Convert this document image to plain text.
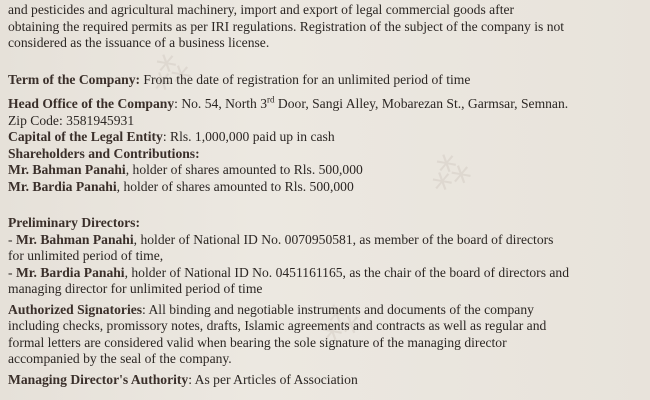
⁂
⁂
⁂

and pesticides and agricultural machinery, import and export of legal commercial goods after

obtaining the required permits as per IRI regulations. Registration of the subject of the company is not

considered as the issuance of a business license.

Term of the Company: From the date of registration for an unlimited period of time

Head Office of the Company: No. 54, North 3rd Door, Sangi Alley, Mobarezan St., Garmsar, Semnan.

Zip Code: 3581945931

Capital of the Legal Entity: Rls. 1,000,000 paid up in cash

Shareholders and Contributions:

Mr. Bahman Panahi, holder of shares amounted to Rls. 500,000

Mr. Bardia Panahi, holder of shares amounted to Rls. 500,000

Preliminary Directors:

- Mr. Bahman Panahi, holder of National ID No. 0070950581, as member of the board of directors

for unlimited period of time,

- Mr. Bardia Panahi, holder of National ID No. 0451161165, as the chair of the board of directors and

managing director for unlimited period of time

Authorized Signatories: All binding and negotiable instruments and documents of the company

including checks, promissory notes, drafts, Islamic agreements and contracts as well as regular and

formal letters are considered valid when bearing the sole signature of the managing director

accompanied by the seal of the company.

Managing Director's Authority: As per Articles of Association
